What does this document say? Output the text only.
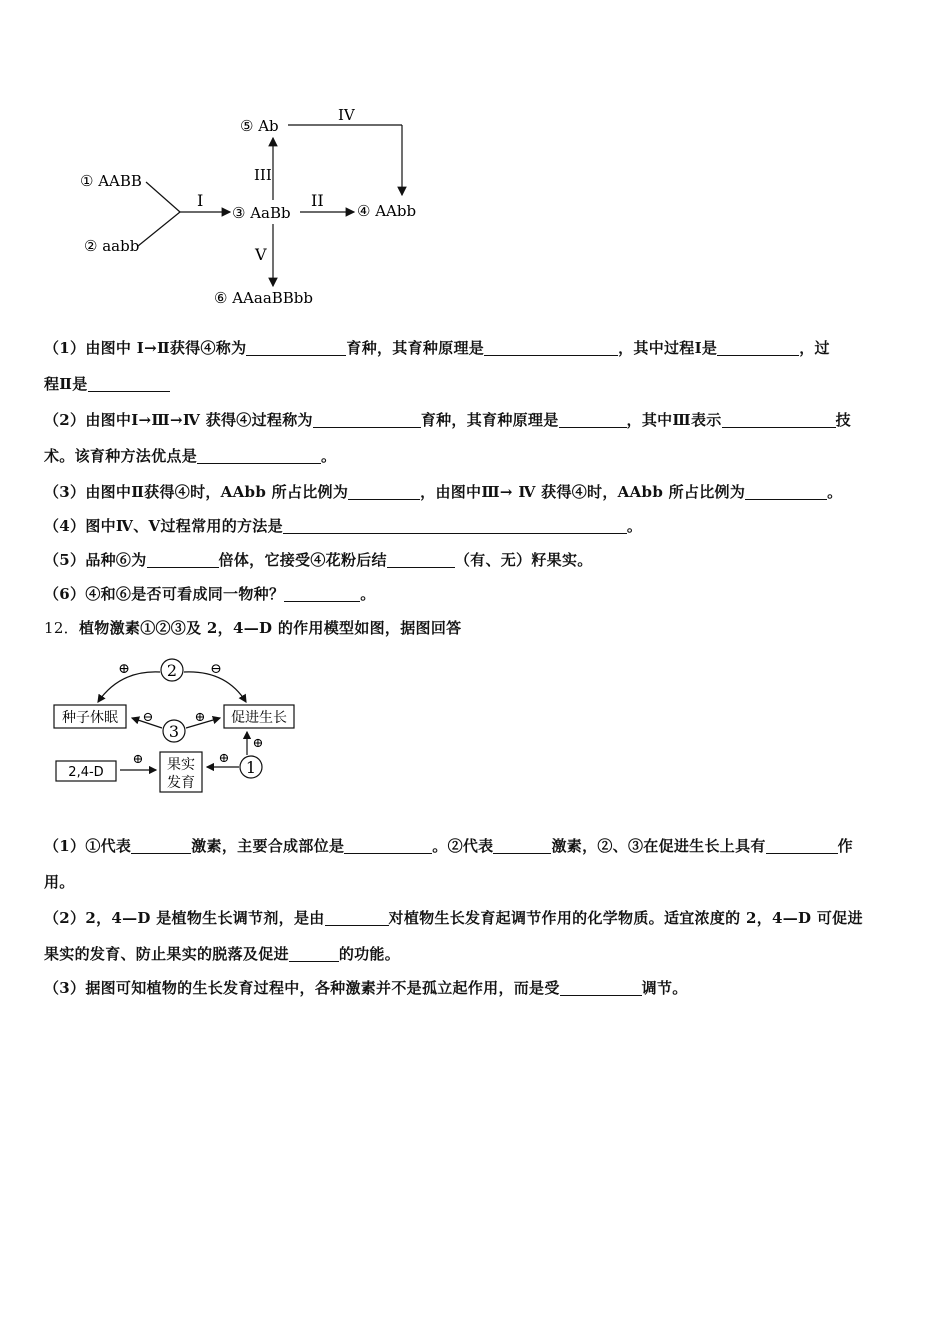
① AABB
② aabb
I
③ AaBb
II
④ AAbb
III
⑤ Ab
IV
V
⑥ AAaaBBbb
（1）由图中 Ⅰ→Ⅱ获得④称为	育种，其育种原理是	，其中过程Ⅰ是	，过
程Ⅱ是
（2）由图中Ⅰ→Ⅲ→Ⅳ 获得④过程称为	育种，其育种原理是	，其中Ⅲ表示	技
术。该育种方法优点是	。
（3）由图中Ⅱ获得④时，AAbb 所占比例为	，由图中Ⅲ→ Ⅳ 获得④时，AAbb 所占比例为	。
（4）图中Ⅳ、Ⅴ过程常用的方法是	。
（5）品种⑥为	倍体，它接受④花粉后结	（有、无）籽果实。
（6）④和⑥是否可看成同一物种？	。
12．植物激素①②③及 2，4—D 的作用模型如图，据图回答
2
⊕	⊖
种子休眠	促进生长
3
⊖	⊕
2,4-D
⊕ 果实
发育
1
⊕
⊕
（1）①代表	激素，主要合成部位是	。②代表	激素，②、③在促进生长上具有	作
用。
（2）2，4—D 是植物生长调节剂，是由	对植物生长发育起调节作用的化学物质。适宜浓度的 2，4—D 可促进
果实的发育、防止果实的脱落及促进	的功能。
（3）据图可知植物的生长发育过程中，各种激素并不是孤立起作用，而是受	调节。
